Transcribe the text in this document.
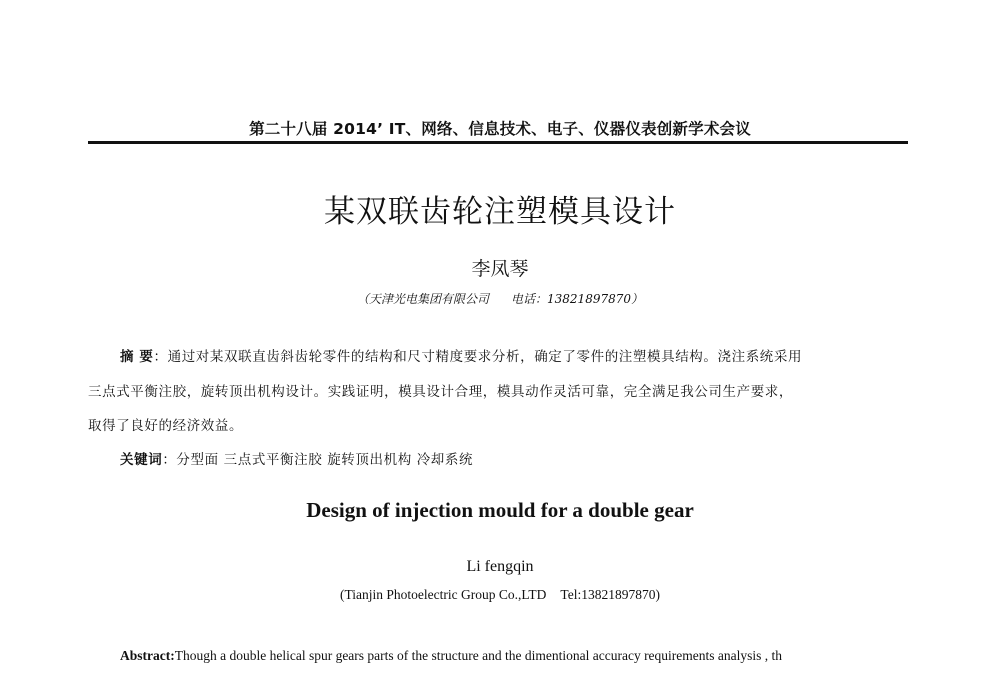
第二十八届 2014’ IT、网络、信息技术、电子、仪器仪表创新学术会议
某双联齿轮注塑模具设计
李凤琴
（天津光电集团有限公司 电话：13821897870）
摘 要：通过对某双联直齿斜齿轮零件的结构和尺寸精度要求分析，确定了零件的注塑模具结构。浇注系统采用
三点式平衡注胶，旋转顶出机构设计。实践证明，模具设计合理，模具动作灵活可靠，完全满足我公司生产要求，
取得了良好的经济效益。
关键词：分型面 三点式平衡注胶 旋转顶出机构 冷却系统
Design of injection mould for a double gear
Li fengqin
(Tianjin Photoelectric Group Co.,LTD Tel:13821897870)
Abstract:Though a double helical spur gears parts of the structure and the dimentional accuracy requirements analysis , th
